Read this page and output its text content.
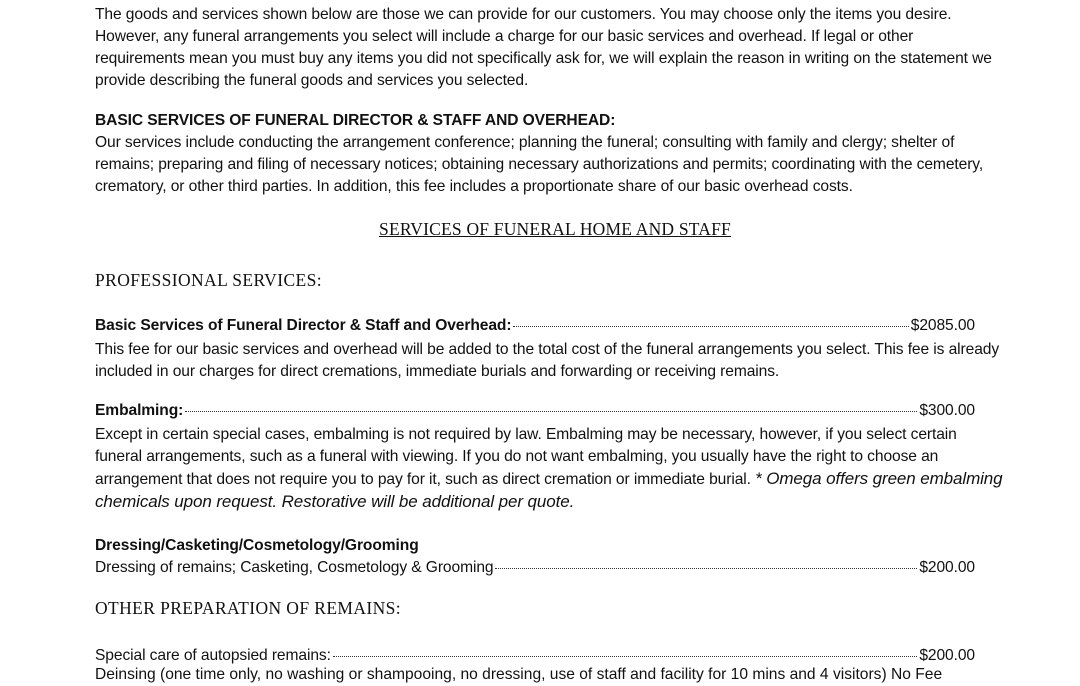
The goods and services shown below are those we can provide for our customers. You may choose only the items you desire. However, any funeral arrangements you select will include a charge for our basic services and overhead. If legal or other requirements mean you must buy any items you did not specifically ask for, we will explain the reason in writing on the statement we provide describing the funeral goods and services you selected.

BASIC SERVICES OF FUNERAL DIRECTOR & STAFF AND OVERHEAD:

Our services include conducting the arrangement conference; planning the funeral; consulting with family and clergy; shelter of remains; preparing and filing of necessary notices; obtaining necessary authorizations and permits; coordinating with the cemetery, crematory, or other third parties. In addition, this fee includes a proportionate share of our basic overhead costs.

SERVICES OF FUNERAL HOME AND STAFF
PROFESSIONAL SERVICES:
Basic Services of Funeral Director & Staff and Overhead:	$2085.00

This fee for our basic services and overhead will be added to the total cost of the funeral arrangements you select. This fee is already included in our charges for direct cremations, immediate burials and forwarding or receiving remains.

Embalming:	$300.00

Except in certain special cases, embalming is not required by law. Embalming may be necessary, however, if you select certain funeral arrangements, such as a funeral with viewing. If you do not want embalming, you usually have the right to choose an arrangement that does not require you to pay for it, such as direct cremation or immediate burial. * Omega offers green embalming chemicals upon request. Restorative will be additional per quote.

Dressing/Casketing/Cosmetology/Grooming

Dressing of remains; Casketing, Cosmetology & Grooming	$200.00
OTHER PREPARATION OF REMAINS:
Special care of autopsied remains:	$200.00
Deinsing (one time only, no washing or shampooing, no dressing, use of staff and facility for 10 mins and 4 visitors) No Fee
